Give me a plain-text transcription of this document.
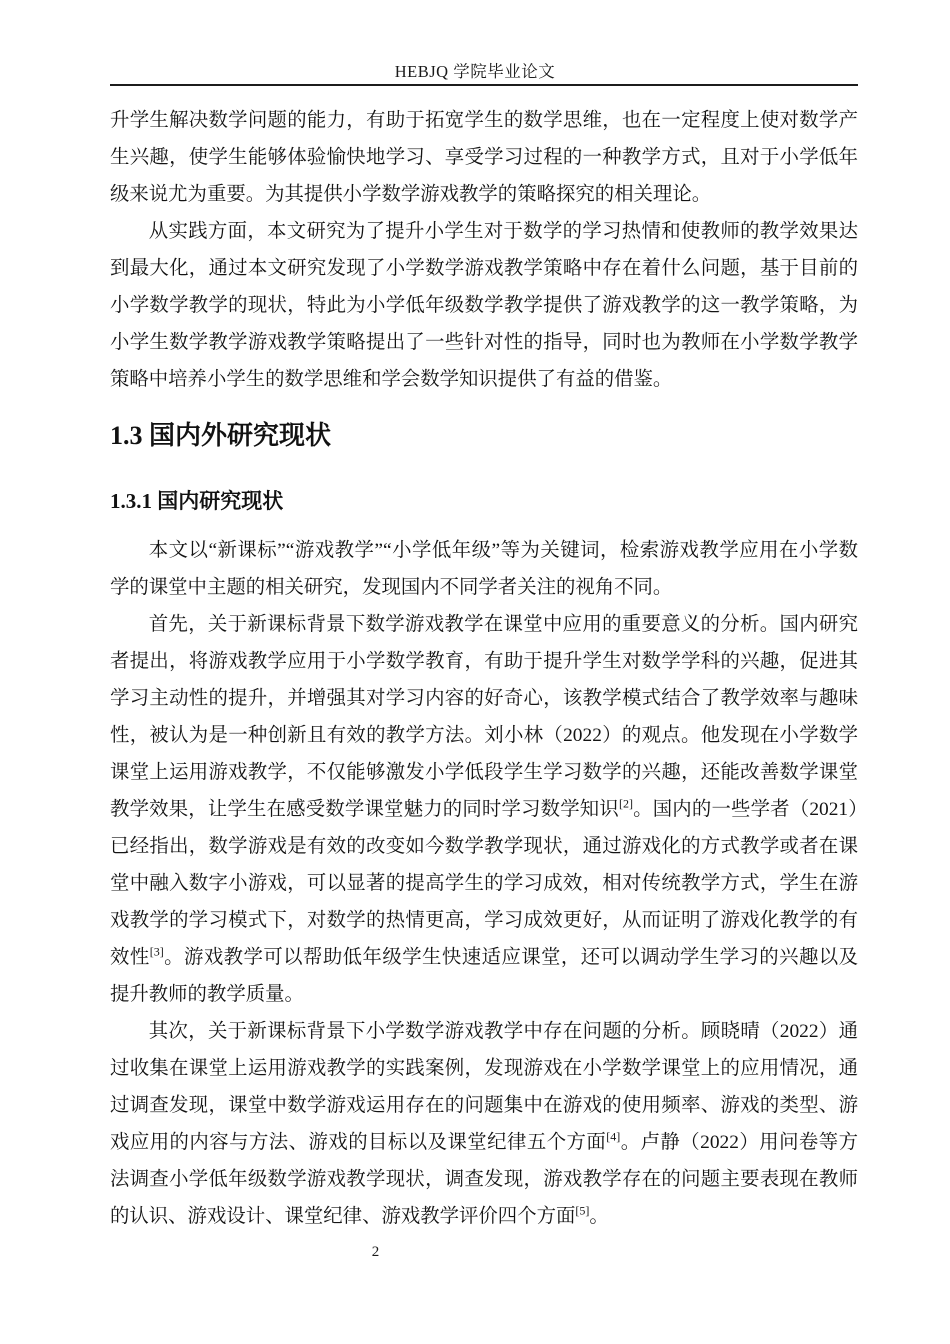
HEBJQ 学院毕业论文

升学生解决数学问题的能力，有助于拓宽学生的数学思维，也在一定程度上使对数学产生兴趣，使学生能够体验愉快地学习、享受学习过程的一种教学方式，且对于小学低年级来说尤为重要。为其提供小学数学游戏教学的策略探究的相关理论。

从实践方面，本文研究为了提升小学生对于数学的学习热情和使教师的教学效果达到最大化，通过本文研究发现了小学数学游戏教学策略中存在着什么问题，基于目前的小学数学教学的现状，特此为小学低年级数学教学提供了游戏教学的这一教学策略，为小学生数学教学游戏教学策略提出了一些针对性的指导，同时也为教师在小学数学教学策略中培养小学生的数学思维和学会数学知识提供了有益的借鉴。

1.3 国内外研究现状
1.3.1 国内研究现状

本文以“新课标”“游戏教学”“小学低年级”等为关键词，检索游戏教学应用在小学数学的课堂中主题的相关研究，发现国内不同学者关注的视角不同。

首先，关于新课标背景下数学游戏教学在课堂中应用的重要意义的分析。国内研究者提出，将游戏教学应用于小学数学教育，有助于提升学生对数学学科的兴趣，促进其学习主动性的提升，并增强其对学习内容的好奇心，该教学模式结合了教学效率与趣味性，被认为是一种创新且有效的教学方法。刘小林（2022）的观点。他发现在小学数学课堂上运用游戏教学，不仅能够激发小学低段学生学习数学的兴趣，还能改善数学课堂教学效果，让学生在感受数学课堂魅力的同时学习数学知识[2]。国内的一些学者（2021）已经指出，数学游戏是有效的改变如今数学教学现状，通过游戏化的方式教学或者在课堂中融入数字小游戏，可以显著的提高学生的学习成效，相对传统教学方式，学生在游戏教学的学习模式下，对数学的热情更高，学习成效更好，从而证明了游戏化教学的有效性[3]。游戏教学可以帮助低年级学生快速适应课堂，还可以调动学生学习的兴趣以及提升教师的教学质量。

其次，关于新课标背景下小学数学游戏教学中存在问题的分析。顾晓晴（2022）通过收集在课堂上运用游戏教学的实践案例，发现游戏在小学数学课堂上的应用情况，通过调查发现，课堂中数学游戏运用存在的问题集中在游戏的使用频率、游戏的类型、游戏应用的内容与方法、游戏的目标以及课堂纪律五个方面[4]。卢静（2022）用问卷等方法调查小学低年级数学游戏教学现状，调查发现，游戏教学存在的问题主要表现在教师的认识、游戏设计、课堂纪律、游戏教学评价四个方面[5]。

2
